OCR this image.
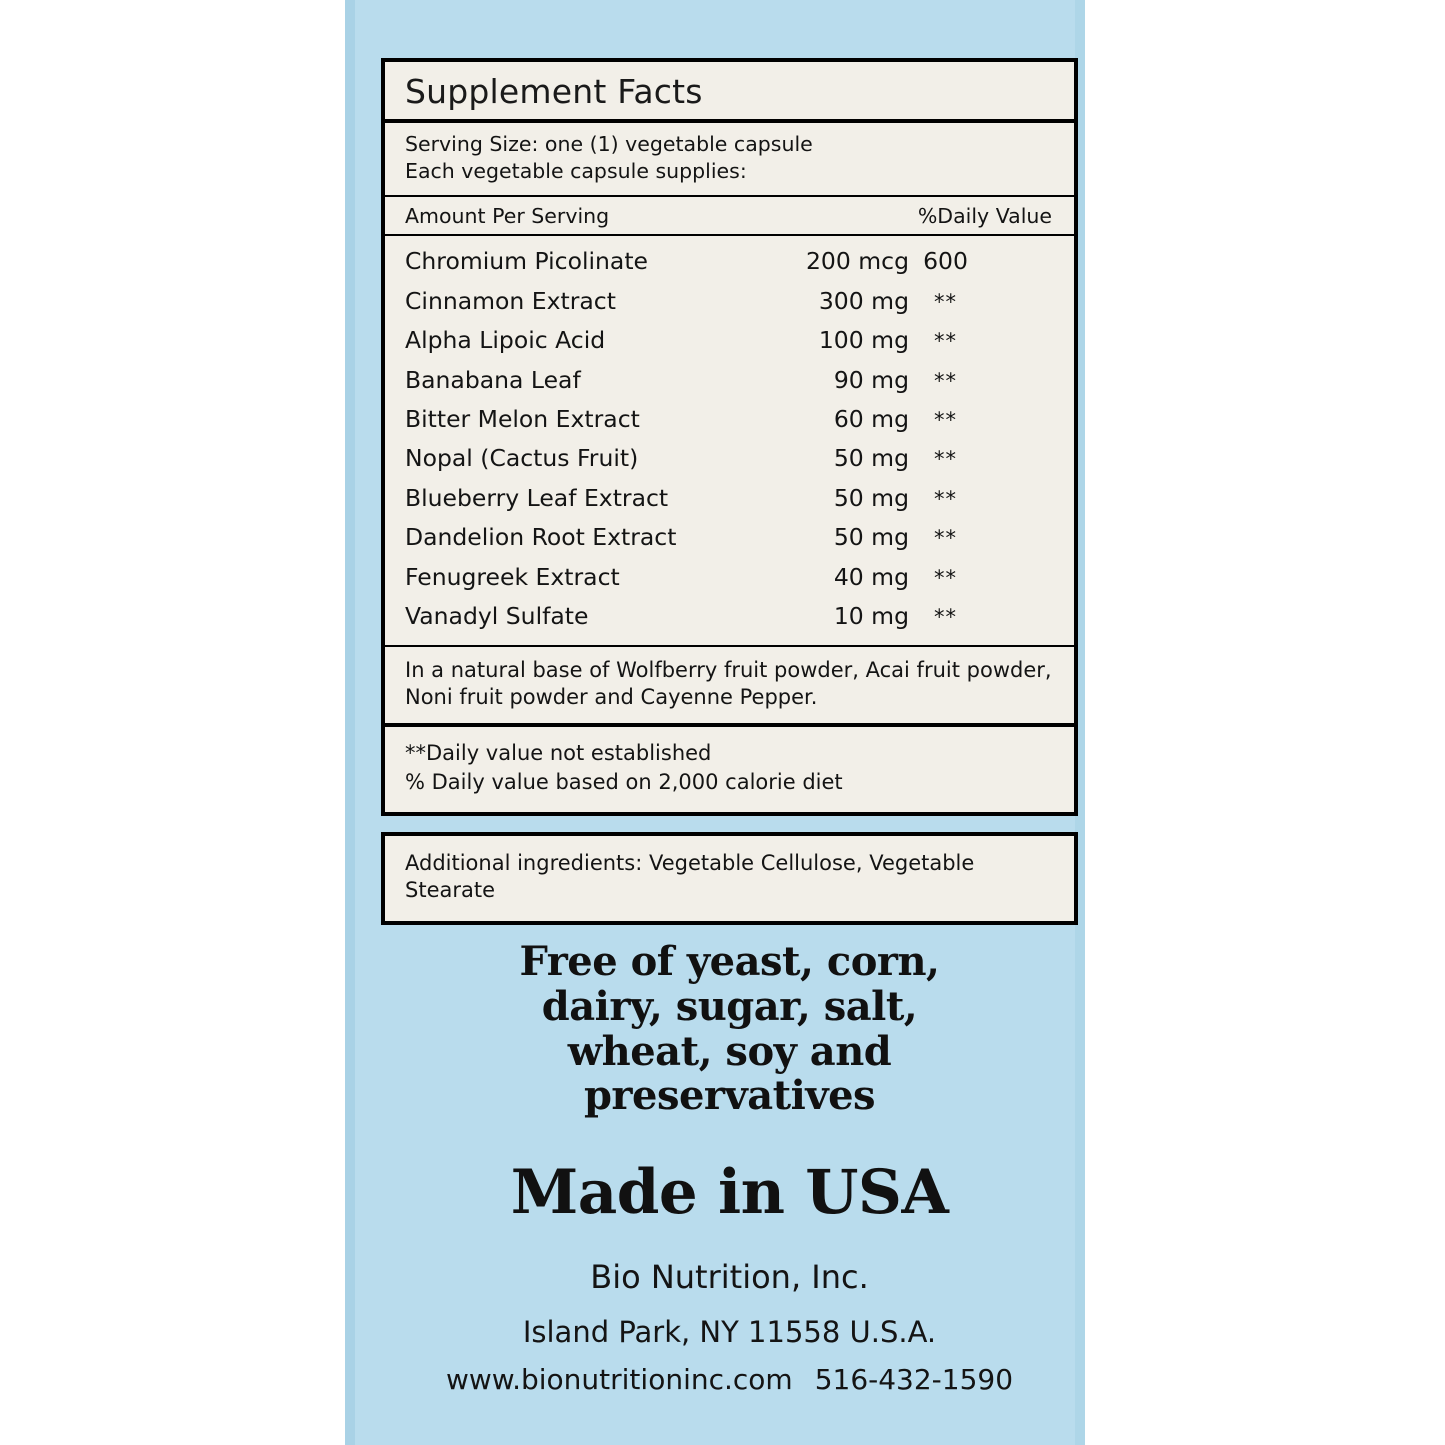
Supplement Facts
Serving Size: one (1) vegetable capsule
Each vegetable capsule supplies:
Amount Per Serving	%Daily Value
Chromium Picolinate	200 mcg 600
Cinnamon Extract	300 mg	**
Alpha Lipoic Acid	100 mg	**
Banabana Leaf	90 mg	**
Bitter Melon Extract	60 mg	**
Nopal (Cactus Fruit)	50 mg	**
Blueberry Leaf Extract	50 mg	**
Dandelion Root Extract	50 mg	**
Fenugreek Extract	40 mg	**
Vanadyl Sulfate	10 mg	**
In a natural base of Wolfberry fruit powder, Acai fruit powder, Noni fruit powder and Cayenne Pepper.
**Daily value not established
% Daily value based on 2,000 calorie diet
Additional ingredients: Vegetable Cellulose, Vegetable Stearate
Free of yeast, corn,
dairy, sugar, salt,
wheat, soy and
preservatives
Made in USA
Bio Nutrition, Inc.
Island Park, NY 11558 U.S.A.
www.bionutritioninc.com 516-432-1590
